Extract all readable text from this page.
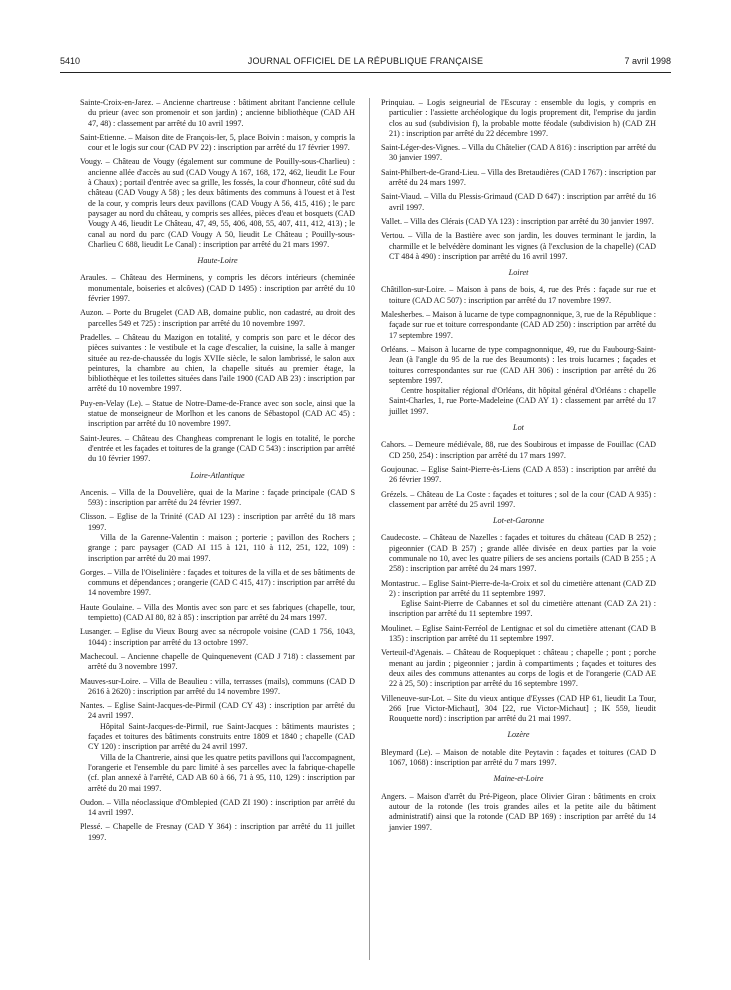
5410	JOURNAL OFFICIEL DE LA RÉPUBLIQUE FRANÇAISE	7 avril 1998
Sainte-Croix-en-Jarez. – Ancienne chartreuse : bâtiment abritant l'ancienne cellule du prieur (avec son promenoir et son jardin) ; ancienne bibliothèque (CAD AH 47, 48) : classement par arrêté du 10 avril 1997.
Saint-Etienne. – Maison dite de François-Ier, 5, place Boivin : maison, y compris la cour et le logis sur cour (CAD PV 22) : inscription par arrêté du 17 février 1997.
Vougy. – Château de Vougy (également sur commune de Pouilly-sous-Charlieu) : ancienne allée d'accès au sud (CAD Vougy A 167, 168, 172, 462, lieudit Le Four à Chaux) ; portail d'entrée avec sa grille, les fossés, la cour d'honneur, côté sud du château (CAD Vougy A 58) ; les deux bâtiments des communs à l'ouest et à l'est de la cour, y compris leurs deux pavillons (CAD Vougy A 56, 415, 416) ; le parc paysager au nord du château, y compris ses allées, pièces d'eau et bosquets (CAD Vougy A 46, lieudit Le Château, 47, 49, 55, 406, 408, 55, 407, 411, 412, 413) ; le canal au nord du parc (CAD Vougy A 50, lieudit Le Château ; Pouilly-sous-Charlieu C 688, lieudit Le Canal) : inscription par arrêté du 21 mars 1997.
Haute-Loire
Araules. – Château des Herminens, y compris les décors intérieurs (cheminée monumentale, boiseries et alcôves) (CAD D 1495) : inscription par arrêté du 10 février 1997.
Auzon. – Porte du Brugelet (CAD AB, domaine public, non cadastré, au droit des parcelles 549 et 725) : inscription par arrêté du 10 novembre 1997.
Pradelles. – Château du Mazigon en totalité, y compris son parc et le décor des pièces suivantes : le vestibule et la cage d'escalier, la cuisine, la salle à manger située au rez-de-chaussée du logis XVIIe siècle, le salon lambrissé, le salon aux peintures, la chambre au chien, la chapelle situés au premier étage, la bibliothèque et les toilettes situées dans l'aile 1900 (CAD AB 23) : inscription par arrêté du 10 novembre 1997.
Puy-en-Velay (Le). – Statue de Notre-Dame-de-France avec son socle, ainsi que la statue de monseigneur de Morlhon et les canons de Sébastopol (CAD AC 45) : inscription par arrêté du 10 novembre 1997.
Saint-Jeures. – Château des Changheas comprenant le logis en totalité, le porche d'entrée et les façades et toitures de la grange (CAD C 543) : inscription par arrêté du 10 février 1997.
Loire-Atlantique
Ancenis. – Villa de la Douvelière, quai de la Marine : façade principale (CAD S 593) : inscription par arrêté du 24 février 1997.
Clisson. – Eglise de la Trinité (CAD AI 123) : inscription par arrêté du 18 mars 1997.
Villa de la Garenne-Valentin : maison ; porterie ; pavillon des Rochers ; grange ; parc paysager (CAD AI 115 à 121, 110 à 112, 251, 122, 109) : inscription par arrêté du 20 mai 1997.
Gorges. – Villa de l'Oiselinière : façades et toitures de la villa et de ses bâtiments de communs et dépendances ; orangerie (CAD C 415, 417) : inscription par arrêté du 14 novembre 1997.
Haute Goulaine. – Villa des Montis avec son parc et ses fabriques (chapelle, tour, tempietto) (CAD AI 80, 82 à 85) : inscription par arrêté du 24 mars 1997.
Lusanger. – Eglise du Vieux Bourg avec sa nécropole voisine (CAD 1 756, 1043, 1044) : inscription par arrêté du 13 octobre 1997.
Machecoul. – Ancienne chapelle de Quinquenevent (CAD J 718) : classement par arrêté du 3 novembre 1997.
Mauves-sur-Loire. – Villa de Beaulieu : villa, terrasses (mails), communs (CAD D 2616 à 2620) : inscription par arrêté du 14 novembre 1997.
Nantes. – Eglise Saint-Jacques-de-Pirmil (CAD CY 43) : inscription par arrêté du 24 avril 1997.
Hôpital Saint-Jacques-de-Pirmil, rue Saint-Jacques : bâtiments mauristes ; façades et toitures des bâtiments construits entre 1809 et 1840 ; chapelle (CAD CY 120) : inscription par arrêté du 24 avril 1997.
Villa de la Chantrerie, ainsi que les quatre petits pavillons qui l'accompagnent, l'orangerie et l'ensemble du parc limité à ses parcelles avec la fabrique-chapelle (cf. plan annexé à l'arrêté, CAD AB 60 à 66, 71 à 95, 110, 129) : inscription par arrêté du 20 mai 1997.
Oudon. – Villa néoclassique d'Omblepied (CAD ZI 190) : inscription par arrêté du 14 avril 1997.
Plessé. – Chapelle de Fresnay (CAD Y 364) : inscription par arrêté du 11 juillet 1997.
Prinquiau. – Logis seigneurial de l'Escuray : ensemble du logis, y compris en particulier : l'assiette archéologique du logis proprement dit, l'emprise du jardin clos au sud (subdivision f), la probable motte féodale (subdivision h) (CAD ZH 21) : inscription par arrêté du 22 décembre 1997.
Saint-Léger-des-Vignes. – Villa du Châtelier (CAD A 816) : inscription par arrêté du 30 janvier 1997.
Saint-Philbert-de-Grand-Lieu. – Villa des Bretaudières (CAD I 767) : inscription par arrêté du 24 mars 1997.
Saint-Viaud. – Villa du Plessis-Grimaud (CAD D 647) : inscription par arrêté du 16 avril 1997.
Vallet. – Villa des Clérais (CAD YA 123) : inscription par arrêté du 30 janvier 1997.
Vertou. – Villa de la Bastière avec son jardin, les douves terminant le jardin, la charmille et le belvédère dominant les vignes (à l'exclusion de la chapelle) (CAD CT 484 à 490) : inscription par arrêté du 16 avril 1997.
Loiret
Châtillon-sur-Loire. – Maison à pans de bois, 4, rue des Prés : façade sur rue et toiture (CAD AC 507) : inscription par arrêté du 17 novembre 1997.
Malesherbes. – Maison à lucarne de type compagnonnique, 3, rue de la République : façade sur rue et toiture correspondante (CAD AD 250) : inscription par arrêté du 17 septembre 1997.
Orléans. – Maison à lucarne de type compagnonnique, 49, rue du Faubourg-Saint-Jean (à l'angle du 95 de la rue des Beaumonts) : les trois lucarnes ; façades et toitures correspondantes sur rue (CAD AH 306) : inscription par arrêté du 26 septembre 1997.
Centre hospitalier régional d'Orléans, dit hôpital général d'Orléans : chapelle Saint-Charles, 1, rue Porte-Madeleine (CAD AY 1) : classement par arrêté du 17 juillet 1997.
Lot
Cahors. – Demeure médiévale, 88, rue des Soubirous et impasse de Fouillac (CAD CD 250, 254) : inscription par arrêté du 17 mars 1997.
Goujounac. – Eglise Saint-Pierre-ès-Liens (CAD A 853) : inscription par arrêté du 26 février 1997.
Grézels. – Château de La Coste : façades et toitures ; sol de la cour (CAD A 935) : classement par arrêté du 25 avril 1997.
Lot-et-Garonne
Caudecoste. – Château de Nazelles : façades et toitures du château (CAD B 252) ; pigeonnier (CAD B 257) ; grande allée divisée en deux parties par la voie communale no 10, avec les quatre piliers de ses anciens portails (CAD B 255 ; A 258) : inscription par arrêté du 24 mars 1997.
Montastruc. – Eglise Saint-Pierre-de-la-Croix et sol du cimetière attenant (CAD ZD 2) : inscription par arrêté du 11 septembre 1997.
Eglise Saint-Pierre de Cabannes et sol du cimetière attenant (CAD ZA 21) : inscription par arrêté du 11 septembre 1997.
Moulinet. – Eglise Saint-Ferréol de Lentignac et sol du cimetière attenant (CAD B 135) : inscription par arrêté du 11 septembre 1997.
Verteuil-d'Agenais. – Château de Roquepiquet : château ; chapelle ; pont ; porche menant au jardin ; pigeonnier ; jardin à compartiments ; façades et toitures des deux ailes des communs attenantes au corps de logis et de l'orangerie (CAD AE 22 à 25, 50) : inscription par arrêté du 16 septembre 1997.
Villeneuve-sur-Lot. – Site du vieux antique d'Eysses (CAD HP 61, lieudit La Tour, 266 [rue Victor-Michaut], 304 [22, rue Victor-Michaut] ; IK 559, lieudit Rouquette nord) : inscription par arrêté du 21 mai 1997.
Lozère
Bleymard (Le). – Maison de notable dite Peytavin : façades et toitures (CAD D 1067, 1068) : inscription par arrêté du 7 mars 1997.
Maine-et-Loire
Angers. – Maison d'arrêt du Pré-Pigeon, place Olivier Giran : bâtiments en croix autour de la rotonde (les trois grandes ailes et la petite aile du bâtiment administratif) ainsi que la rotonde (CAD BP 169) : inscription par arrêté du 14 janvier 1997.
